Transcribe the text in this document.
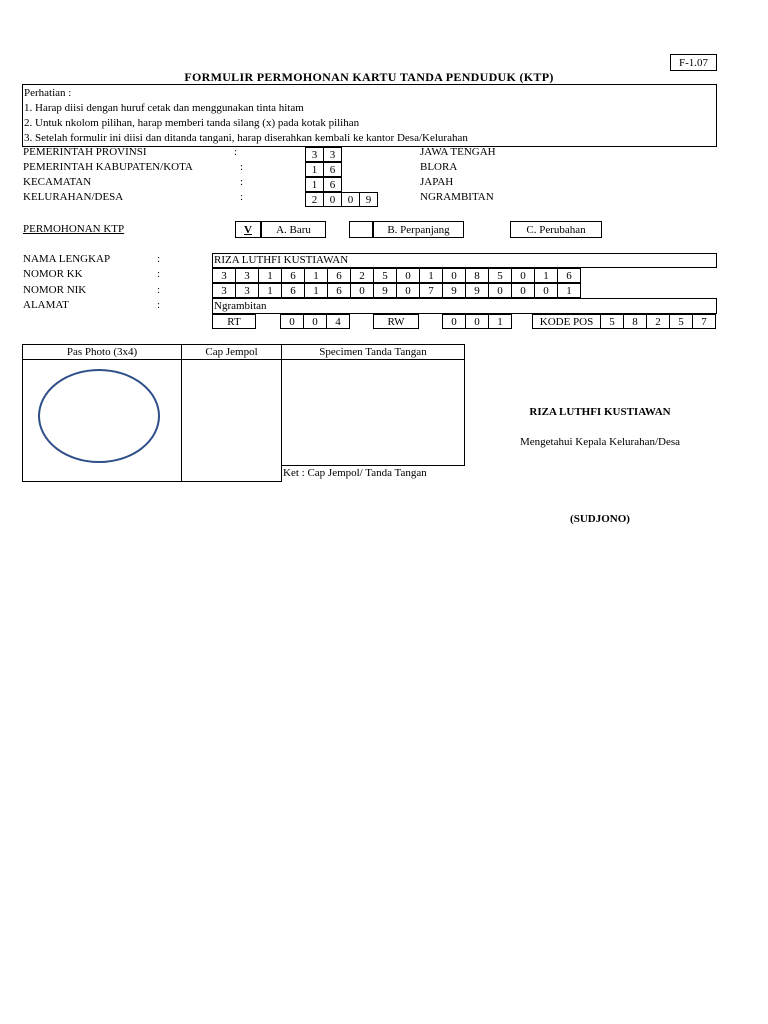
F-1.07
FORMULIR PERMOHONAN KARTU TANDA PENDUDUK (KTP)
Perhatian :
1. Harap diisi dengan huruf cetak dan menggunakan tinta hitam
2. Untuk nkolom pilihan, harap memberi tanda silang (x) pada kotak pilihan
3. Setelah formulir ini diisi dan ditanda tangani, harap diserahkan kembali ke kantor Desa/Kelurahan
PEMERINTAH PROVINSI	:	3 3	JAWA TENGAH
PEMERINTAH KABUPATEN/KOTA	:	1 6	BLORA
KECAMATAN	:	1 6	JAPAH
KELURAHAN/DESA	:	2 0 0 9	NGRAMBITAN
PERMOHONAN KTP	V A. Baru	B. Perpanjang	C. Perubahan
NAMA LENGKAP	:	RIZA LUTHFI KUSTIAWAN
NOMOR KK	:	3 3 1 6 1 6 2 5 0 1 0 8 5 0 1 6
NOMOR NIK	:	3 3 1 6 1 6 0 9 0 7 9 9 0 0 0 1
ALAMAT	:	Ngrambitan
RT	0 0 4	RW	0 0 1	KODE POS 5 8 2 5 7
Pas Photo (3x4)	Cap Jempol	Specimen Tanda Tangan
Ket : Cap Jempol/ Tanda Tangan
RIZA LUTHFI KUSTIAWAN
Mengetahui Kepala Kelurahan/Desa
(SUDJONO)
